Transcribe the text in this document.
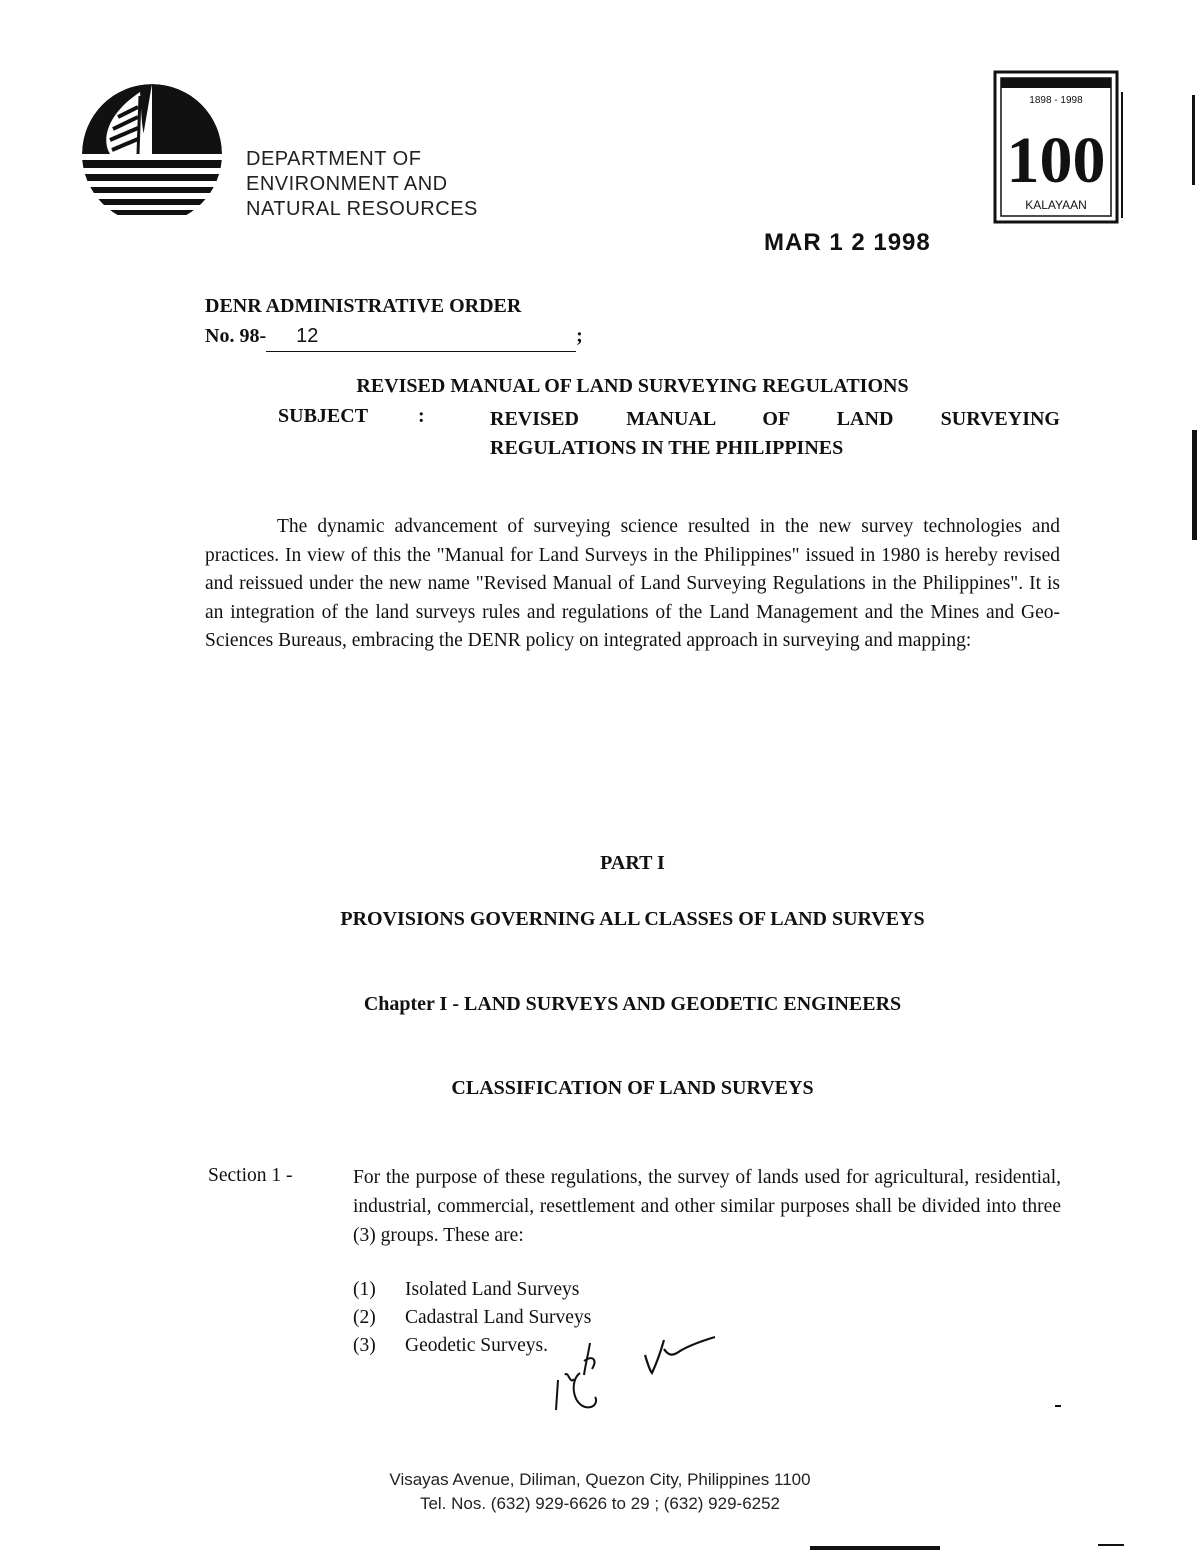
DEPARTMENT OF
ENVIRONMENT AND
NATURAL RESOURCES
1898 - 1998
100
KALAYAAN
MAR 1 2 1998
DENR ADMINISTRATIVE ORDER
No. 98- 12	;
SUBJECT :	REVISED MANUAL OF LAND SURVEYING
REGULATIONS IN THE PHILIPPINES

The dynamic advancement of surveying science resulted in the new survey technologies and practices. In view of this the "Manual for Land Surveys in the Philippines" issued in 1980 is hereby revised and reissued under the new name "Revised Manual of Land Surveying Regulations in the Philippines". It is an integration of the land surveys rules and regulations of the Land Management and the Mines and Geo-Sciences Bureaus, embracing the DENR policy on integrated approach in surveying and mapping:

REVISED MANUAL OF LAND SURVEYING REGULATIONS
PART I
PROVISIONS GOVERNING ALL CLASSES OF LAND SURVEYS
Chapter I - LAND SURVEYS AND GEODETIC ENGINEERS
CLASSIFICATION OF LAND SURVEYS
Section 1 -	For the purpose of these regulations, the survey of lands used for agricultural, residential, industrial, commercial, resettlement and other similar purposes shall be divided into three (3) groups. These are:

(1) Isolated Land Surveys
(2) Cadastral Land Surveys
(3) Geodetic Surveys.
Visayas Avenue, Diliman, Quezon City, Philippines 1100
Tel. Nos. (632) 929-6626 to 29 ; (632) 929-6252
